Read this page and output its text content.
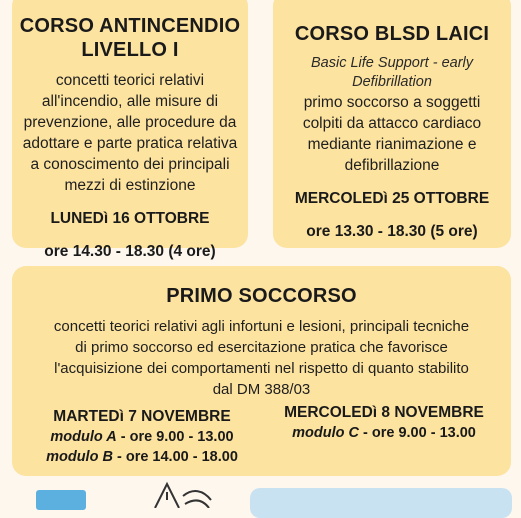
CORSO ANTINCENDIO
LIVELLO I
concetti teorici relativi all'incendio, alle misure di prevenzione, alle procedure da adottare e parte pratica relativa a conoscimento dei principali mezzi di estinzione
LUNEDì 16 OTTOBRE
ore 14.30 - 18.30 (4 ore)
CORSO BLSD LAICI
Basic Life Support - early
Defibrillation
primo soccorso a soggetti colpiti da attacco cardiaco mediante rianimazione e defibrillazione
MERCOLEDì 25 OTTOBRE
ore 13.30 - 18.30 (5 ore)
PRIMO SOCCORSO
concetti teorici relativi agli infortuni e lesioni, principali tecniche di primo soccorso ed esercitazione pratica che favorisce l'acquisizione dei comportamenti nel rispetto di quanto stabilito dal DM 388/03
MARTEDì 7 NOVEMBRE
modulo A - ore 9.00 - 13.00
modulo B - ore 14.00 - 18.00
MERCOLEDì 8 NOVEMBRE
modulo C - ore 9.00 - 13.00
